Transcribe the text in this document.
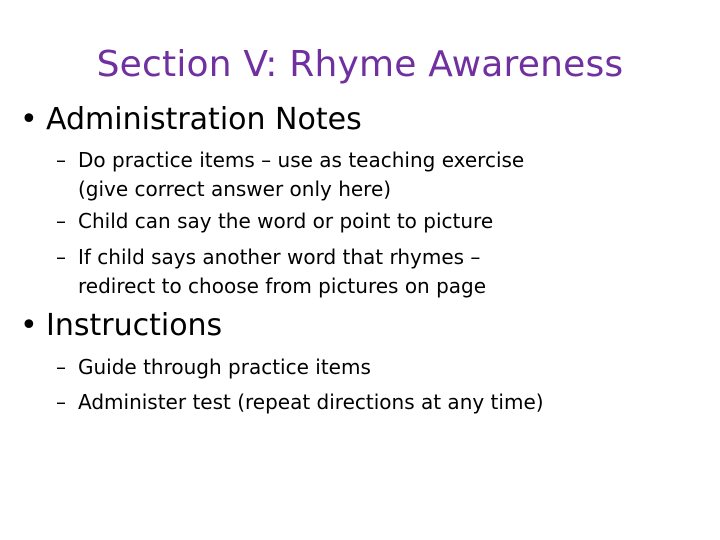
Section V: Rhyme Awareness
• Administration Notes
– Do practice items – use as teaching exercise
(give correct answer only here)
– Child can say the word or point to picture
– If child says another word that rhymes –
redirect to choose from pictures on page
• Instructions
– Guide through practice items
– Administer test (repeat directions at any time)
